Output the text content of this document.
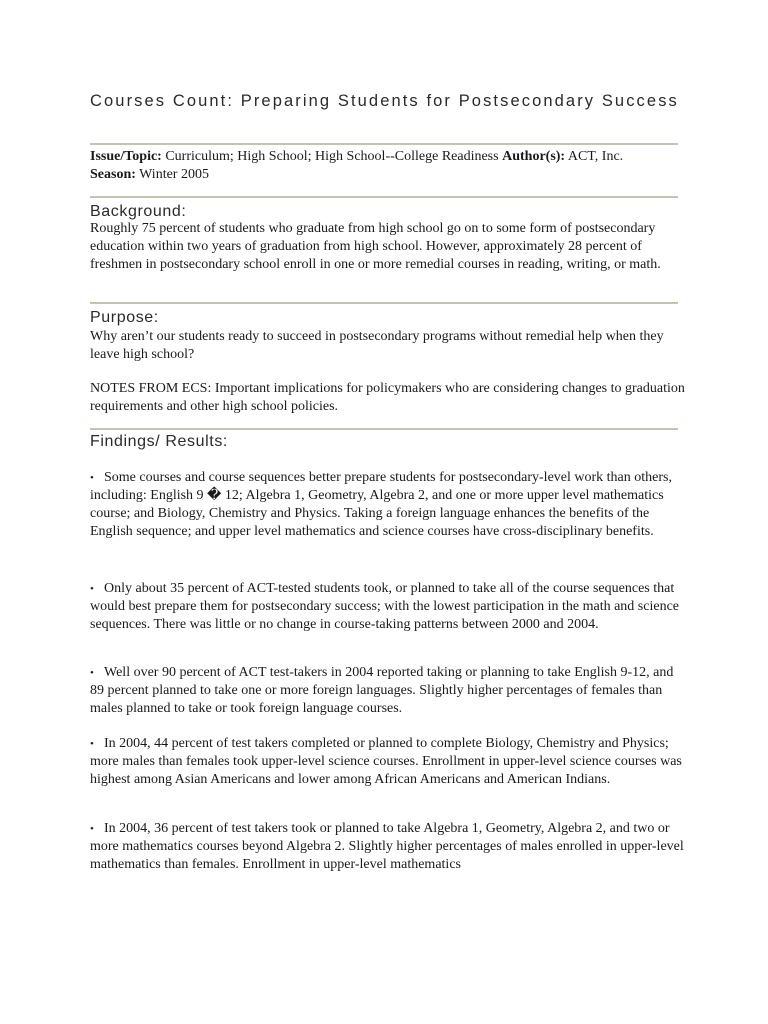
Courses Count: Preparing Students for Postsecondary Success
Issue/Topic: Curriculum; High School; High School--College Readiness Author(s): ACT, Inc.
Season: Winter 2005
Background:
Roughly 75 percent of students who graduate from high school go on to some form of postsecondary education within two years of graduation from high school. However, approximately 28 percent of freshmen in postsecondary school enroll in one or more remedial courses in reading, writing, or math.
Purpose:
Why aren’t our students ready to succeed in postsecondary programs without remedial help when they leave high school?
NOTES FROM ECS: Important implications for policymakers who are considering changes to graduation requirements and other high school policies.
Findings/ Results:
• Some courses and course sequences better prepare students for postsecondary-level work than others, including: English 9 � 12; Algebra 1, Geometry, Algebra 2, and one or more upper level mathematics course; and Biology, Chemistry and Physics. Taking a foreign language enhances the benefits of the English sequence; and upper level mathematics and science courses have cross-disciplinary benefits.
• Only about 35 percent of ACT-tested students took, or planned to take all of the course sequences that would best prepare them for postsecondary success; with the lowest participation in the math and science sequences. There was little or no change in course-taking patterns between 2000 and 2004.
• Well over 90 percent of ACT test-takers in 2004 reported taking or planning to take English 9-12, and 89 percent planned to take one or more foreign languages. Slightly higher percentages of females than males planned to take or took foreign language courses.
• In 2004, 44 percent of test takers completed or planned to complete Biology, Chemistry and Physics; more males than females took upper-level science courses. Enrollment in upper-level science courses was highest among Asian Americans and lower among African Americans and American Indians.
• In 2004, 36 percent of test takers took or planned to take Algebra 1, Geometry, Algebra 2, and two or more mathematics courses beyond Algebra 2. Slightly higher percentages of males enrolled in upper-level mathematics than females. Enrollment in upper-level mathematics
